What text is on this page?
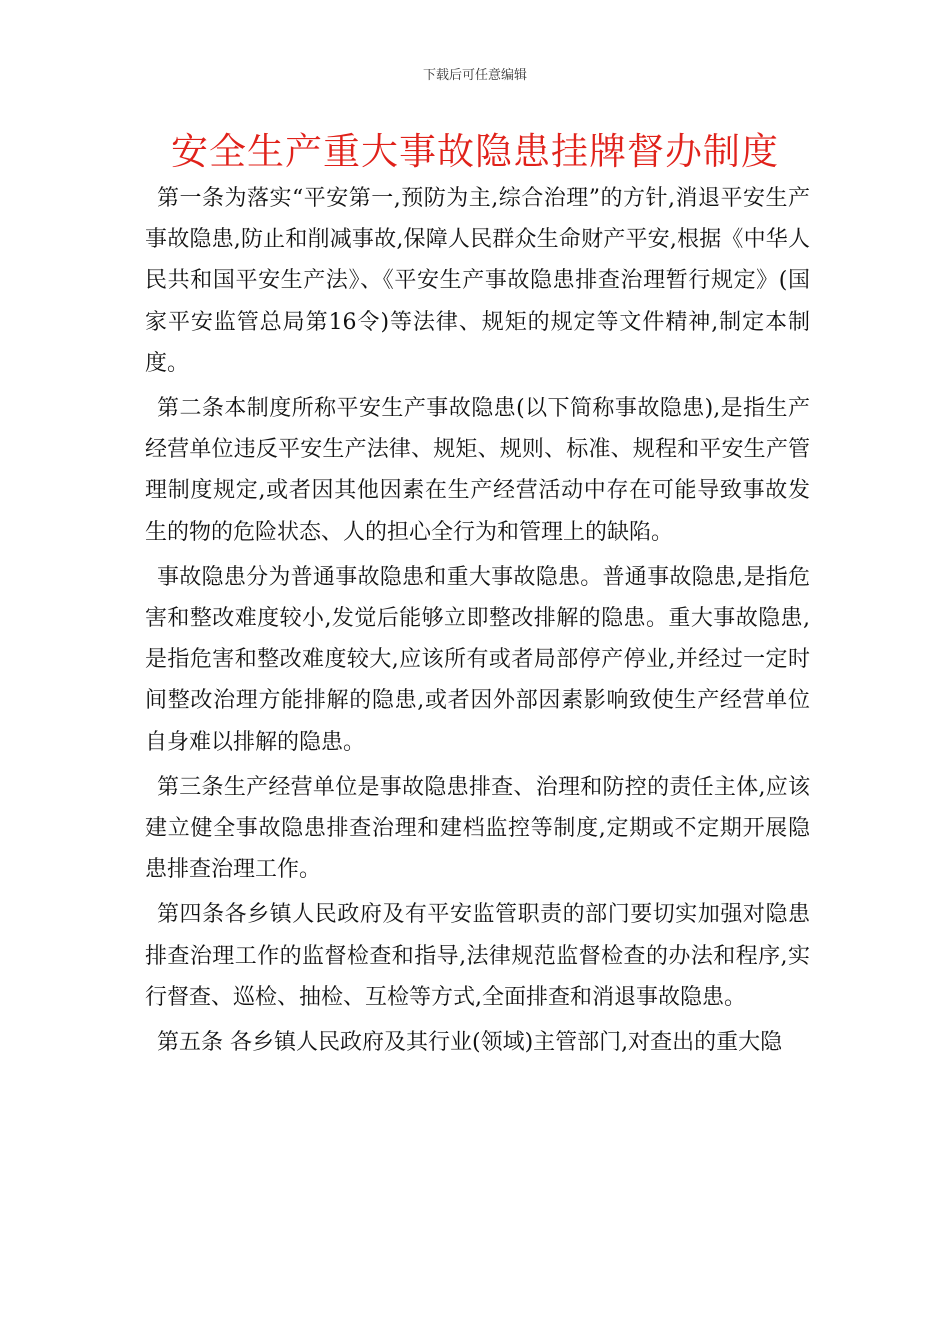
下载后可任意编辑
安全生产重大事故隐患挂牌督办制度

第一条为落实“平安第一,预防为主,综合治理”的方针,消退平安生产事故隐患,防止和削减事故,保障人民群众生命财产平安,根据《中华人民共和国平安生产法》、《平安生产事故隐患排查治理暂行规定》(国家平安监管总局第16令)等法律、规矩的规定等文件精神,制定本制度。

第二条本制度所称平安生产事故隐患(以下简称事故隐患),是指生产经营单位违反平安生产法律、规矩、规则、标准、规程和平安生产管理制度规定,或者因其他因素在生产经营活动中存在可能导致事故发生的物的危险状态、人的担心全行为和管理上的缺陷。

事故隐患分为普通事故隐患和重大事故隐患。普通事故隐患,是指危害和整改难度较小,发觉后能够立即整改排解的隐患。重大事故隐患,是指危害和整改难度较大,应该所有或者局部停产停业,并经过一定时间整改治理方能排解的隐患,或者因外部因素影响致使生产经营单位自身难以排解的隐患。

第三条生产经营单位是事故隐患排查、治理和防控的责任主体,应该建立健全事故隐患排查治理和建档监控等制度,定期或不定期开展隐患排查治理工作。

第四条各乡镇人民政府及有平安监管职责的部门要切实加强对隐患排查治理工作的监督检查和指导,法律规范监督检查的办法和程序,实行督查、巡检、抽检、互检等方式,全面排查和消退事故隐患。

第五条 各乡镇人民政府及其行业(领域)主管部门,对查出的重大隐
